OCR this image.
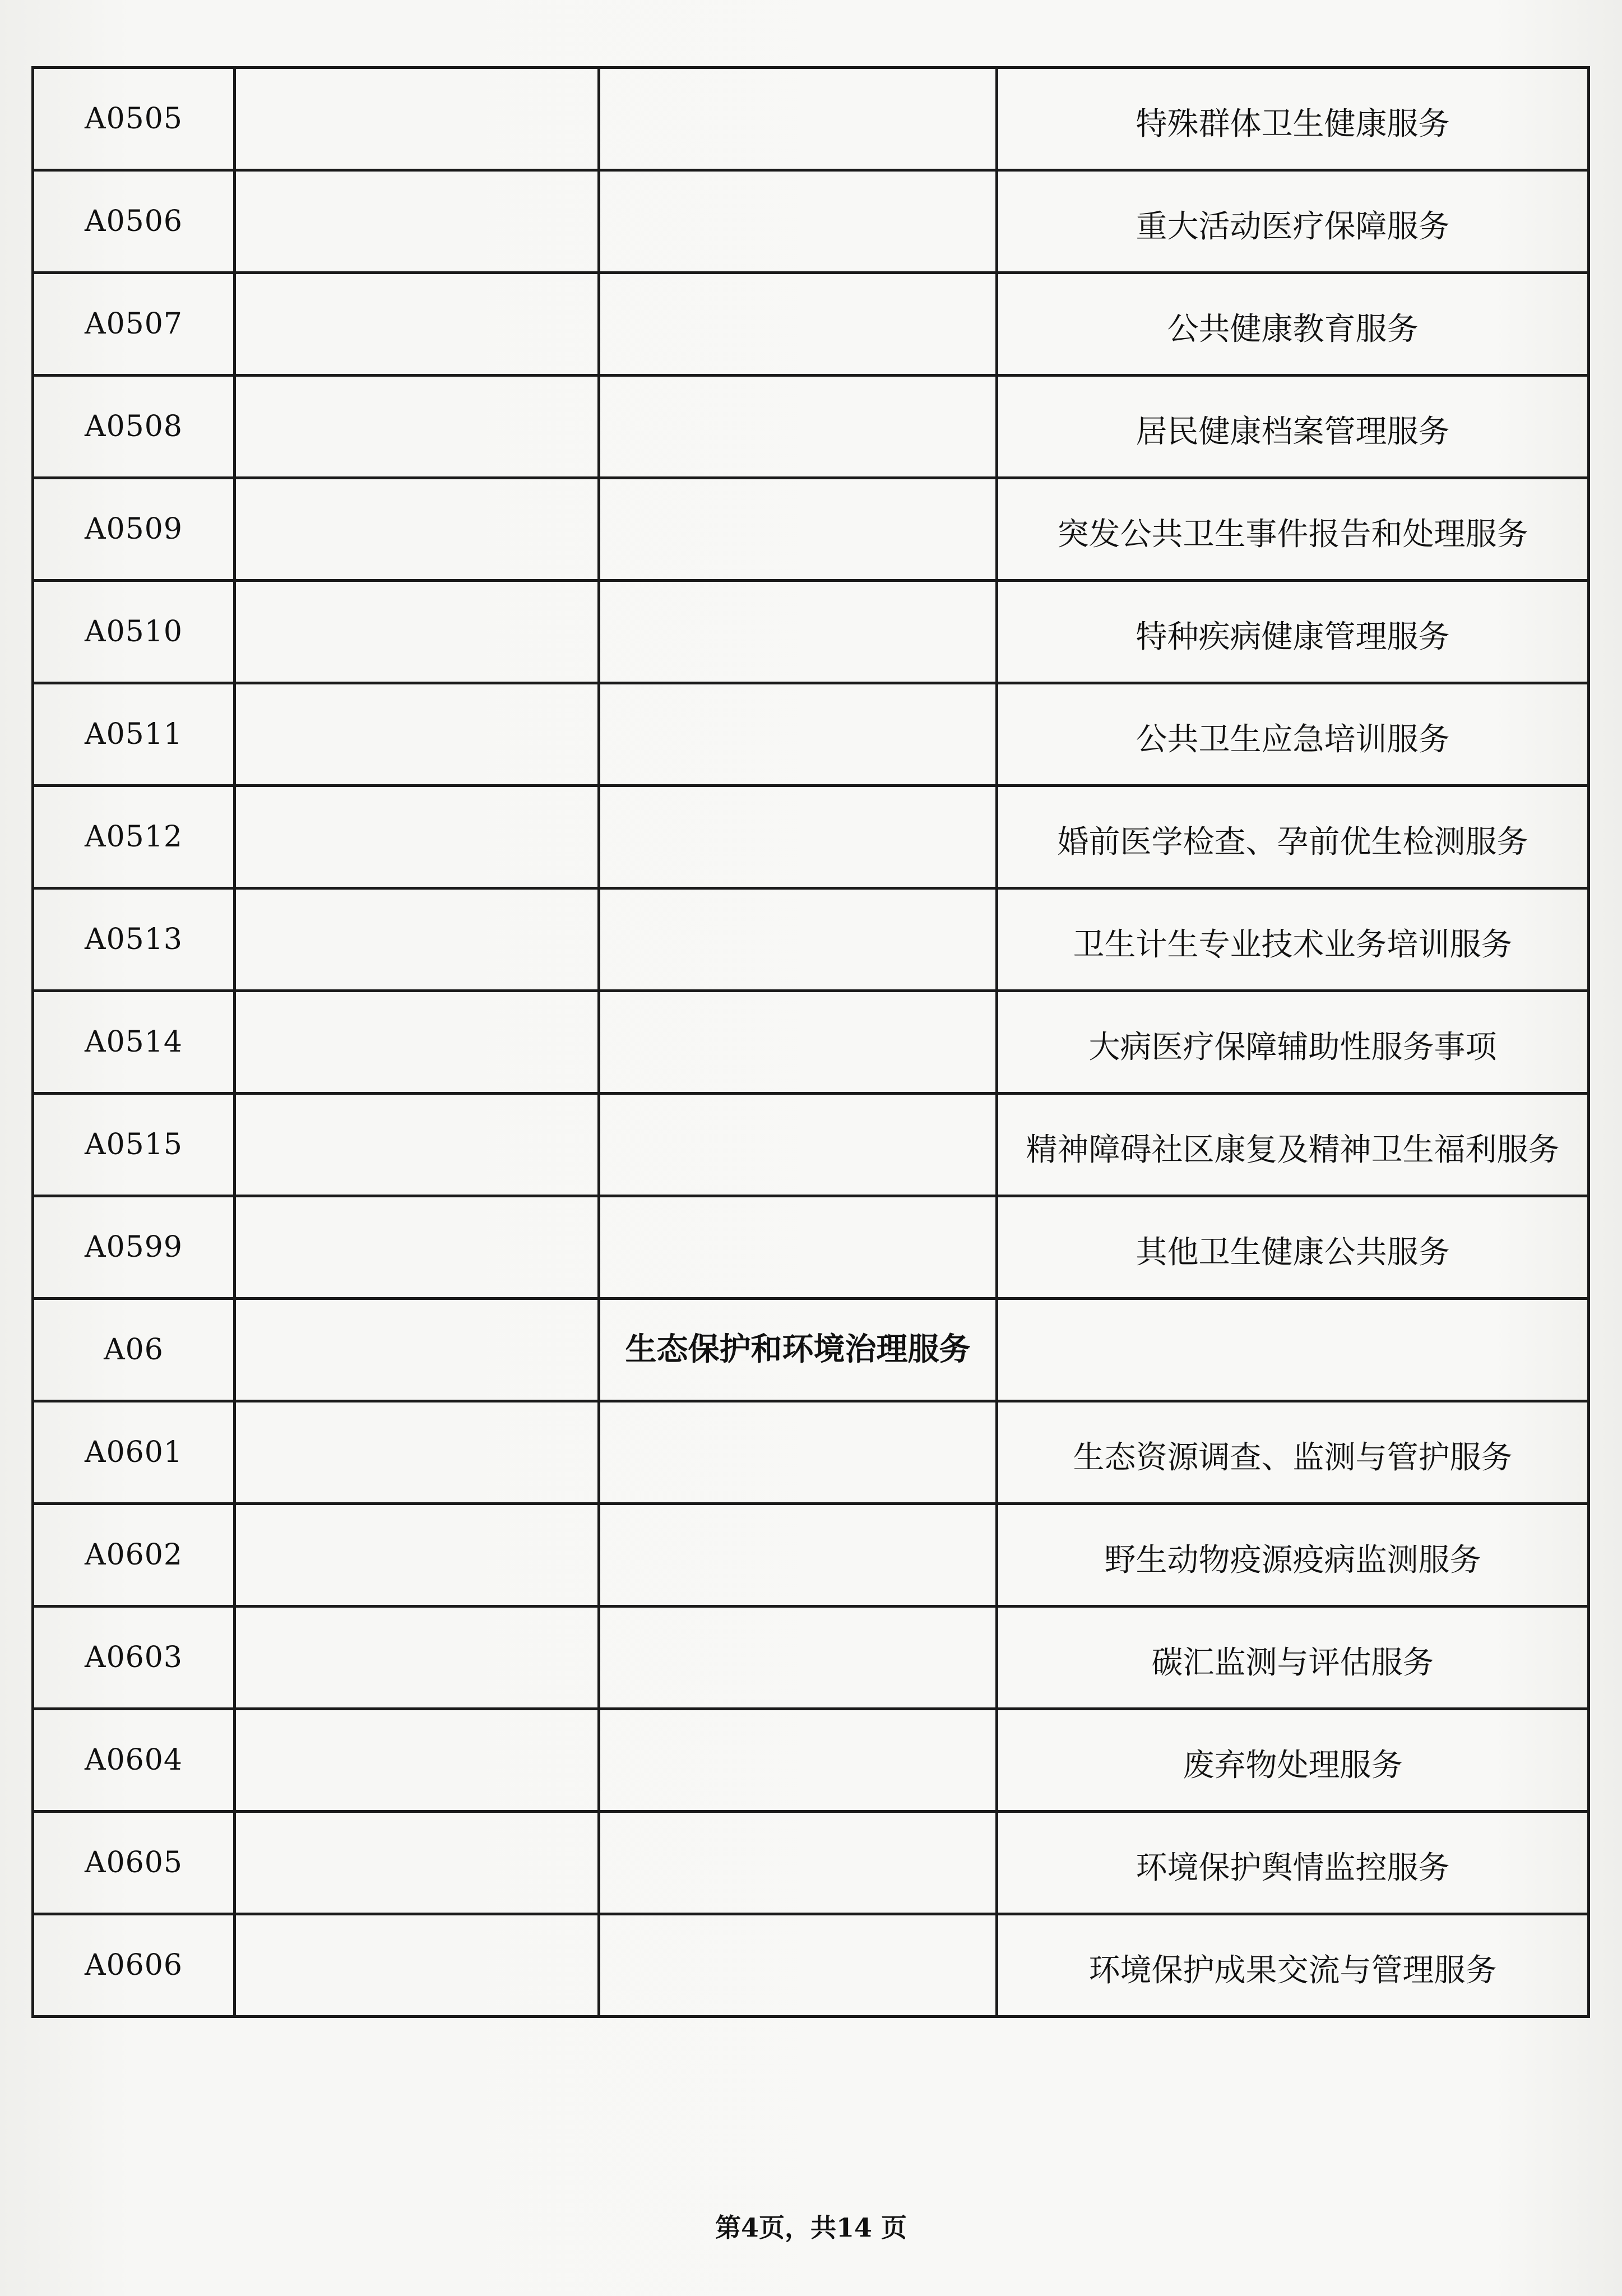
A0505			特殊群体卫生健康服务
A0506			重大活动医疗保障服务
A0507			公共健康教育服务
A0508			居民健康档案管理服务
A0509			突发公共卫生事件报告和处理服务
A0510			特种疾病健康管理服务
A0511			公共卫生应急培训服务
A0512			婚前医学检查、孕前优生检测服务
A0513			卫生计生专业技术业务培训服务
A0514			大病医疗保障辅助性服务事项
A0515			精神障碍社区康复及精神卫生福利服务
A0599			其他卫生健康公共服务
A06		生态保护和环境治理服务	
A0601			生态资源调查、监测与管护服务
A0602			野生动物疫源疫病监测服务
A0603			碳汇监测与评估服务
A0604			废弃物处理服务
A0605			环境保护舆情监控服务
A0606			环境保护成果交流与管理服务
第4页，共14 页
